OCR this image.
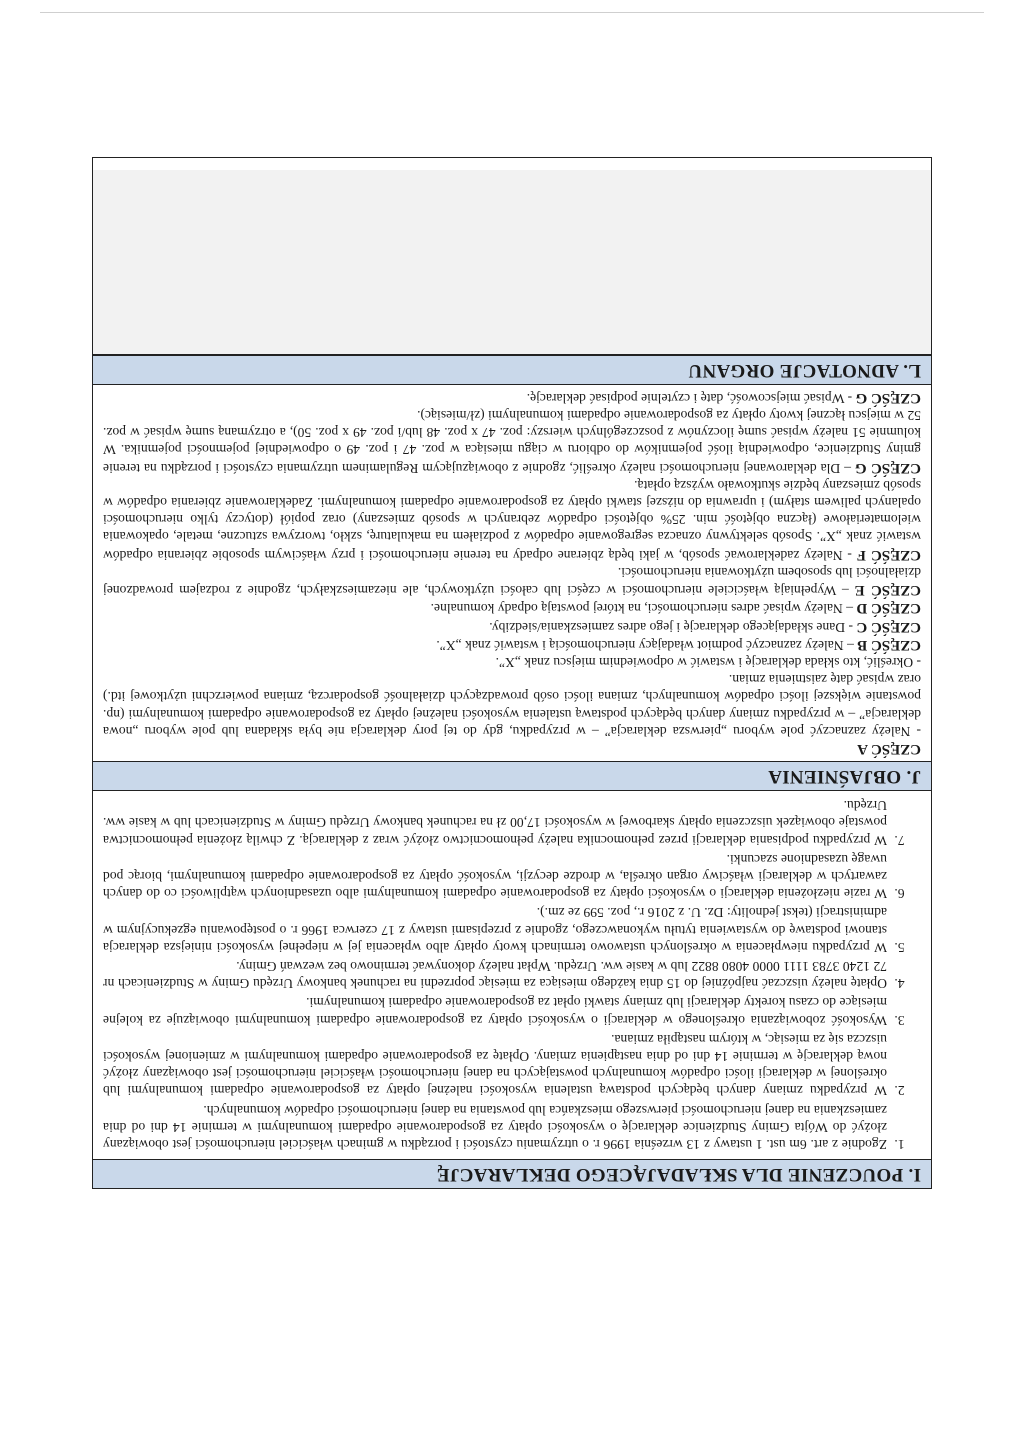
I. POUCZENIE DLA SKŁADAJĄCEGO DEKLARACJĘ
1. Zgodnie z art. 6m ust. 1 ustawy z 13 września 1996 r. o utrzymaniu czystości i porządku w gminach właściciel nieruchomości jest obowiązany złożyć do Wójta Gminy Studzienice deklarację o wysokości opłaty za gospodarowanie odpadami komunalnymi w terminie 14 dni od dnia zamieszkania na danej nieruchomości pierwszego mieszkańca lub powstania na danej nieruchomości odpadów komunalnych.
2. W przypadku zmiany danych będących podstawą ustalenia wysokości należnej opłaty za gospodarowanie odpadami komunalnymi lub określonej w deklaracji ilości odpadów komunalnych powstających na danej nieruchomości właściciel nieruchomości jest obowiązany złożyć nową deklarację w terminie 14 dni od dnia nastąpienia zmiany. Opłatę za gospodarowanie odpadami komunalnymi w zmienionej wysokości uiszcza się za miesiąc, w którym nastąpiła zmiana.
3. Wysokość zobowiązania określonego w deklaracji o wysokości opłaty za gospodarowanie odpadami komunalnymi obowiązuje za kolejne miesiące do czasu korekty deklaracji lub zmiany stawki opłat za gospodarowanie odpadami komunalnymi.
4. Opłatę należy uiszczać najpóźniej do 15 dnia każdego miesiąca za miesiąc poprzedni na rachunek bankowy Urzędu Gminy w Studzienicach nr 72 1240 3783 1111 0000 4080 8822 lub w kasie ww. Urzędu. Wpłat należy dokonywać terminowo bez wezwań Gminy.
5. W przypadku niewpłacenia w określonych ustawowo terminach kwoty opłaty albo wpłacenia jej w niepełnej wysokości niniejsza deklaracja stanowi podstawę do wystawienia tytułu wykonawczego, zgodnie z przepisami ustawy z 17 czerwca 1966 r. o postępowaniu egzekucyjnym w administracji (tekst jednolity: Dz. U. z 2016 r., poz. 599 ze zm.).
6. W razie niezłożenia deklaracji o wysokości opłaty za gospodarowanie odpadami komunalnymi albo uzasadnionych wątpliwości co do danych zawartych w deklaracji właściwy organ określa, w drodze decyzji, wysokość opłaty za gospodarowanie odpadami komunalnymi, biorąc pod uwagę uzasadnione szacunki.
7. W przypadku podpisania deklaracji przez pełnomocnika należy pełnomocnictwo złożyć wraz z deklaracją. Z chwilą złożenia pełnomocnictwa powstaje obowiązek uiszczenia opłaty skarbowej w wysokości 17,00 zł na rachunek bankowy Urzędu Gminy w Studzienicach lub w kasie ww. Urzędu.
J. OBJAŚNIENIA
CZĘŚĆ A

- Należy zaznaczyć pole wyboru „pierwsza deklaracja” – w przypadku, gdy do tej pory deklaracja nie była składana lub pole wyboru „nowa deklaracja” – w przypadku zmiany danych będących podstawą ustalenia wysokości należnej opłaty za gospodarowanie odpadami komunalnymi (np. powstanie większej ilości odpadów komunalnych, zmiana ilości osób prowadzących działalność gospodarczą, zmiana powierzchni użytkowej itd.) oraz wpisać datę zaistnienia zmian.

- Określić, kto składa deklarację i wstawić w odpowiednim miejscu znak „X”.

CZĘŚĆ B – Należy zaznaczyć podmiot władający nieruchomością i wstawić znak „X”.

CZĘŚĆ C - Dane składającego deklarację i jego adres zamieszkania/siedziby.

CZĘŚĆ D – Należy wpisać adres nieruchomości, na której powstają odpady komunalne.

CZĘŚĆ E – Wypełniają właściciele nieruchomości w części lub całości użytkowych, ale niezamieszkałych, zgodnie z rodzajem prowadzonej działalności lub sposobem użytkowania nieruchomości.

CZĘŚĆ F - Należy zadeklarować sposób, w jaki będą zbierane odpady na terenie nieruchomości i przy właściwym sposobie zbierania odpadów wstawić znak „X”. Sposób selektywny oznacza segregowanie odpadów z podziałem na makulaturę, szkło, tworzywa sztuczne, metale, opakowania wielomateriałowe (łączna objętość min. 25% objętości odpadów zebranych w sposób zmieszany) oraz popiół (dotyczy tylko nieruchomości opalanych paliwem stałym) i uprawnia do niższej stawki opłaty za gospodarowanie odpadami komunalnymi. Zadeklarowanie zbierania odpadów w sposób zmieszany będzie skutkowało wyższą opłatą.

CZĘŚĆ G – Dla deklarowanej nieruchomości należy określić, zgodnie z obowiązującym Regulaminem utrzymania czystości i porządku na terenie gminy Studzienice, odpowiednią ilość pojemników do odbioru w ciągu miesiąca w poz. 47 i poz. 49 o odpowiedniej pojemności pojemnika. W kolumnie 51 należy wpisać sumę iloczynów z poszczególnych wierszy: poz. 47 x poz. 48 lub/i poz. 49 x poz. 50), a otrzymaną sumę wpisać w poz. 52 w miejscu łącznej kwoty opłaty za gospodarowanie odpadami komunalnymi (zł/miesiąc).

CZĘŚĆ G - Wpisać miejscowość, datę i czytelnie podpisać deklarację.

L. ADNOTACJE ORGANU
